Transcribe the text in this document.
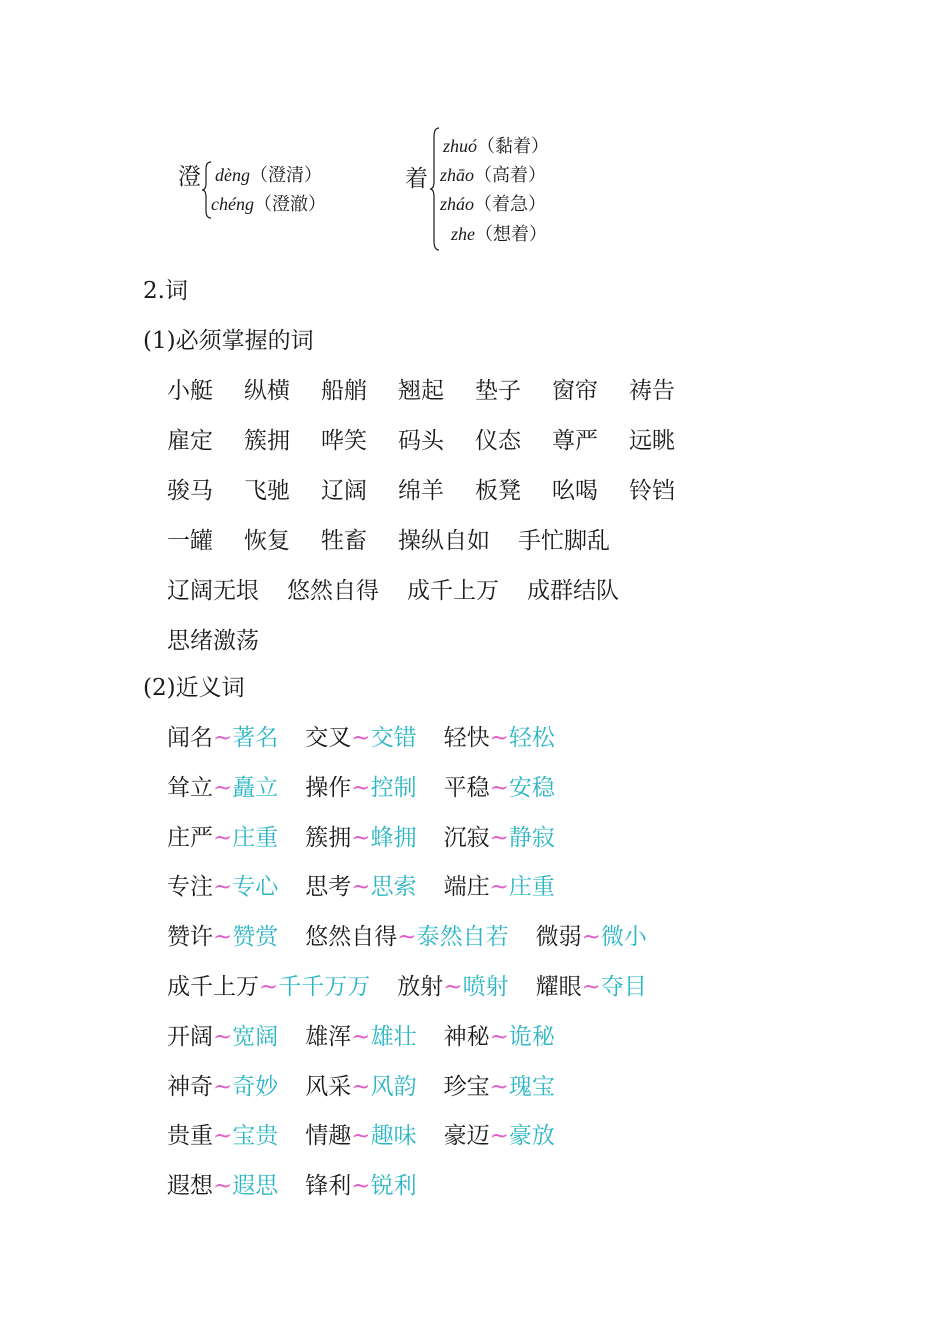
澄 dèng（澄清）
chéng（澄澈）
着
zhuó（黏着）
zhāo（高着）
zháo（着急）
zhe（想着）
2.词
(1)必须掌握的词
小艇 纵横 船艄 翘起 垫子 窗帘 祷告
雇定 簇拥 哗笑 码头 仪态 尊严 远眺
骏马 飞驰 辽阔 绵羊 板凳 吆喝 铃铛
一罐 恢复 牲畜 操纵自如 手忙脚乱
辽阔无垠 悠然自得 成千上万 成群结队
思绪激荡
(2)近义词
闻名~著名 交叉~交错 轻快~轻松
耸立~矗立 操作~控制 平稳~安稳
庄严~庄重 簇拥~蜂拥 沉寂~静寂
专注~专心 思考~思索 端庄~庄重
赞许~赞赏 悠然自得~泰然自若 微弱~微小
成千上万~千千万万 放射~喷射 耀眼~夺目
开阔~宽阔 雄浑~雄壮 神秘~诡秘
神奇~奇妙 风采~风韵 珍宝~瑰宝
贵重~宝贵 情趣~趣味 豪迈~豪放
遐想~遐思 锋利~锐利
